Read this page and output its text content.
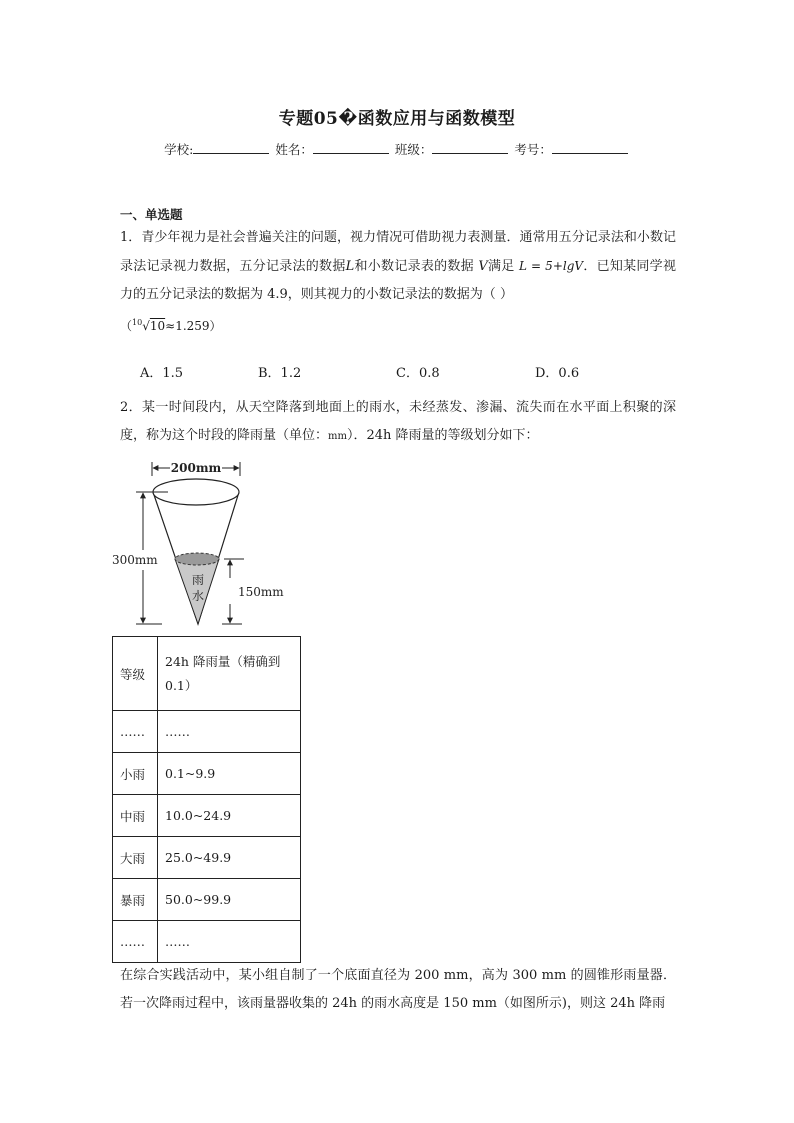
专题05�函数应用与函数模型
学校:	姓名：	班级：	考号：
一、单选题
1．青少年视力是社会普遍关注的问题，视力情况可借助视力表测量．通常用五分记录法和小数记录法记录视力数据，五分记录法的数据L和小数记录表的数据 V满足 L = 5+lgV．已知某同学视力的五分记录法的数据为 4.9，则其视力的小数记录法的数据为（ ）
（$^{10}$√10≈1.259）
A．1.5	B．1.2	C．0.8	D．0.6
2．某一时间段内，从天空降落到地面上的雨水，未经蒸发、渗漏、流失而在水平面上积聚的深度，称为这个时段的降雨量（单位：mm）．24h 降雨量的等级划分如下：
200mm
雨
水
300mm
150mm
等级	24h 降雨量（精确到0.1）
……	……
小雨	0.1~9.9
中雨	10.0~24.9
大雨	25.0~49.9
暴雨	50.0~99.9
……	……
在综合实践活动中，某小组自制了一个底面直径为 200 mm，高为 300 mm 的圆锥形雨量器．若一次降雨过程中，该雨量器收集的 24h 的雨水高度是 150 mm（如图所示)，则这 24h 降雨
